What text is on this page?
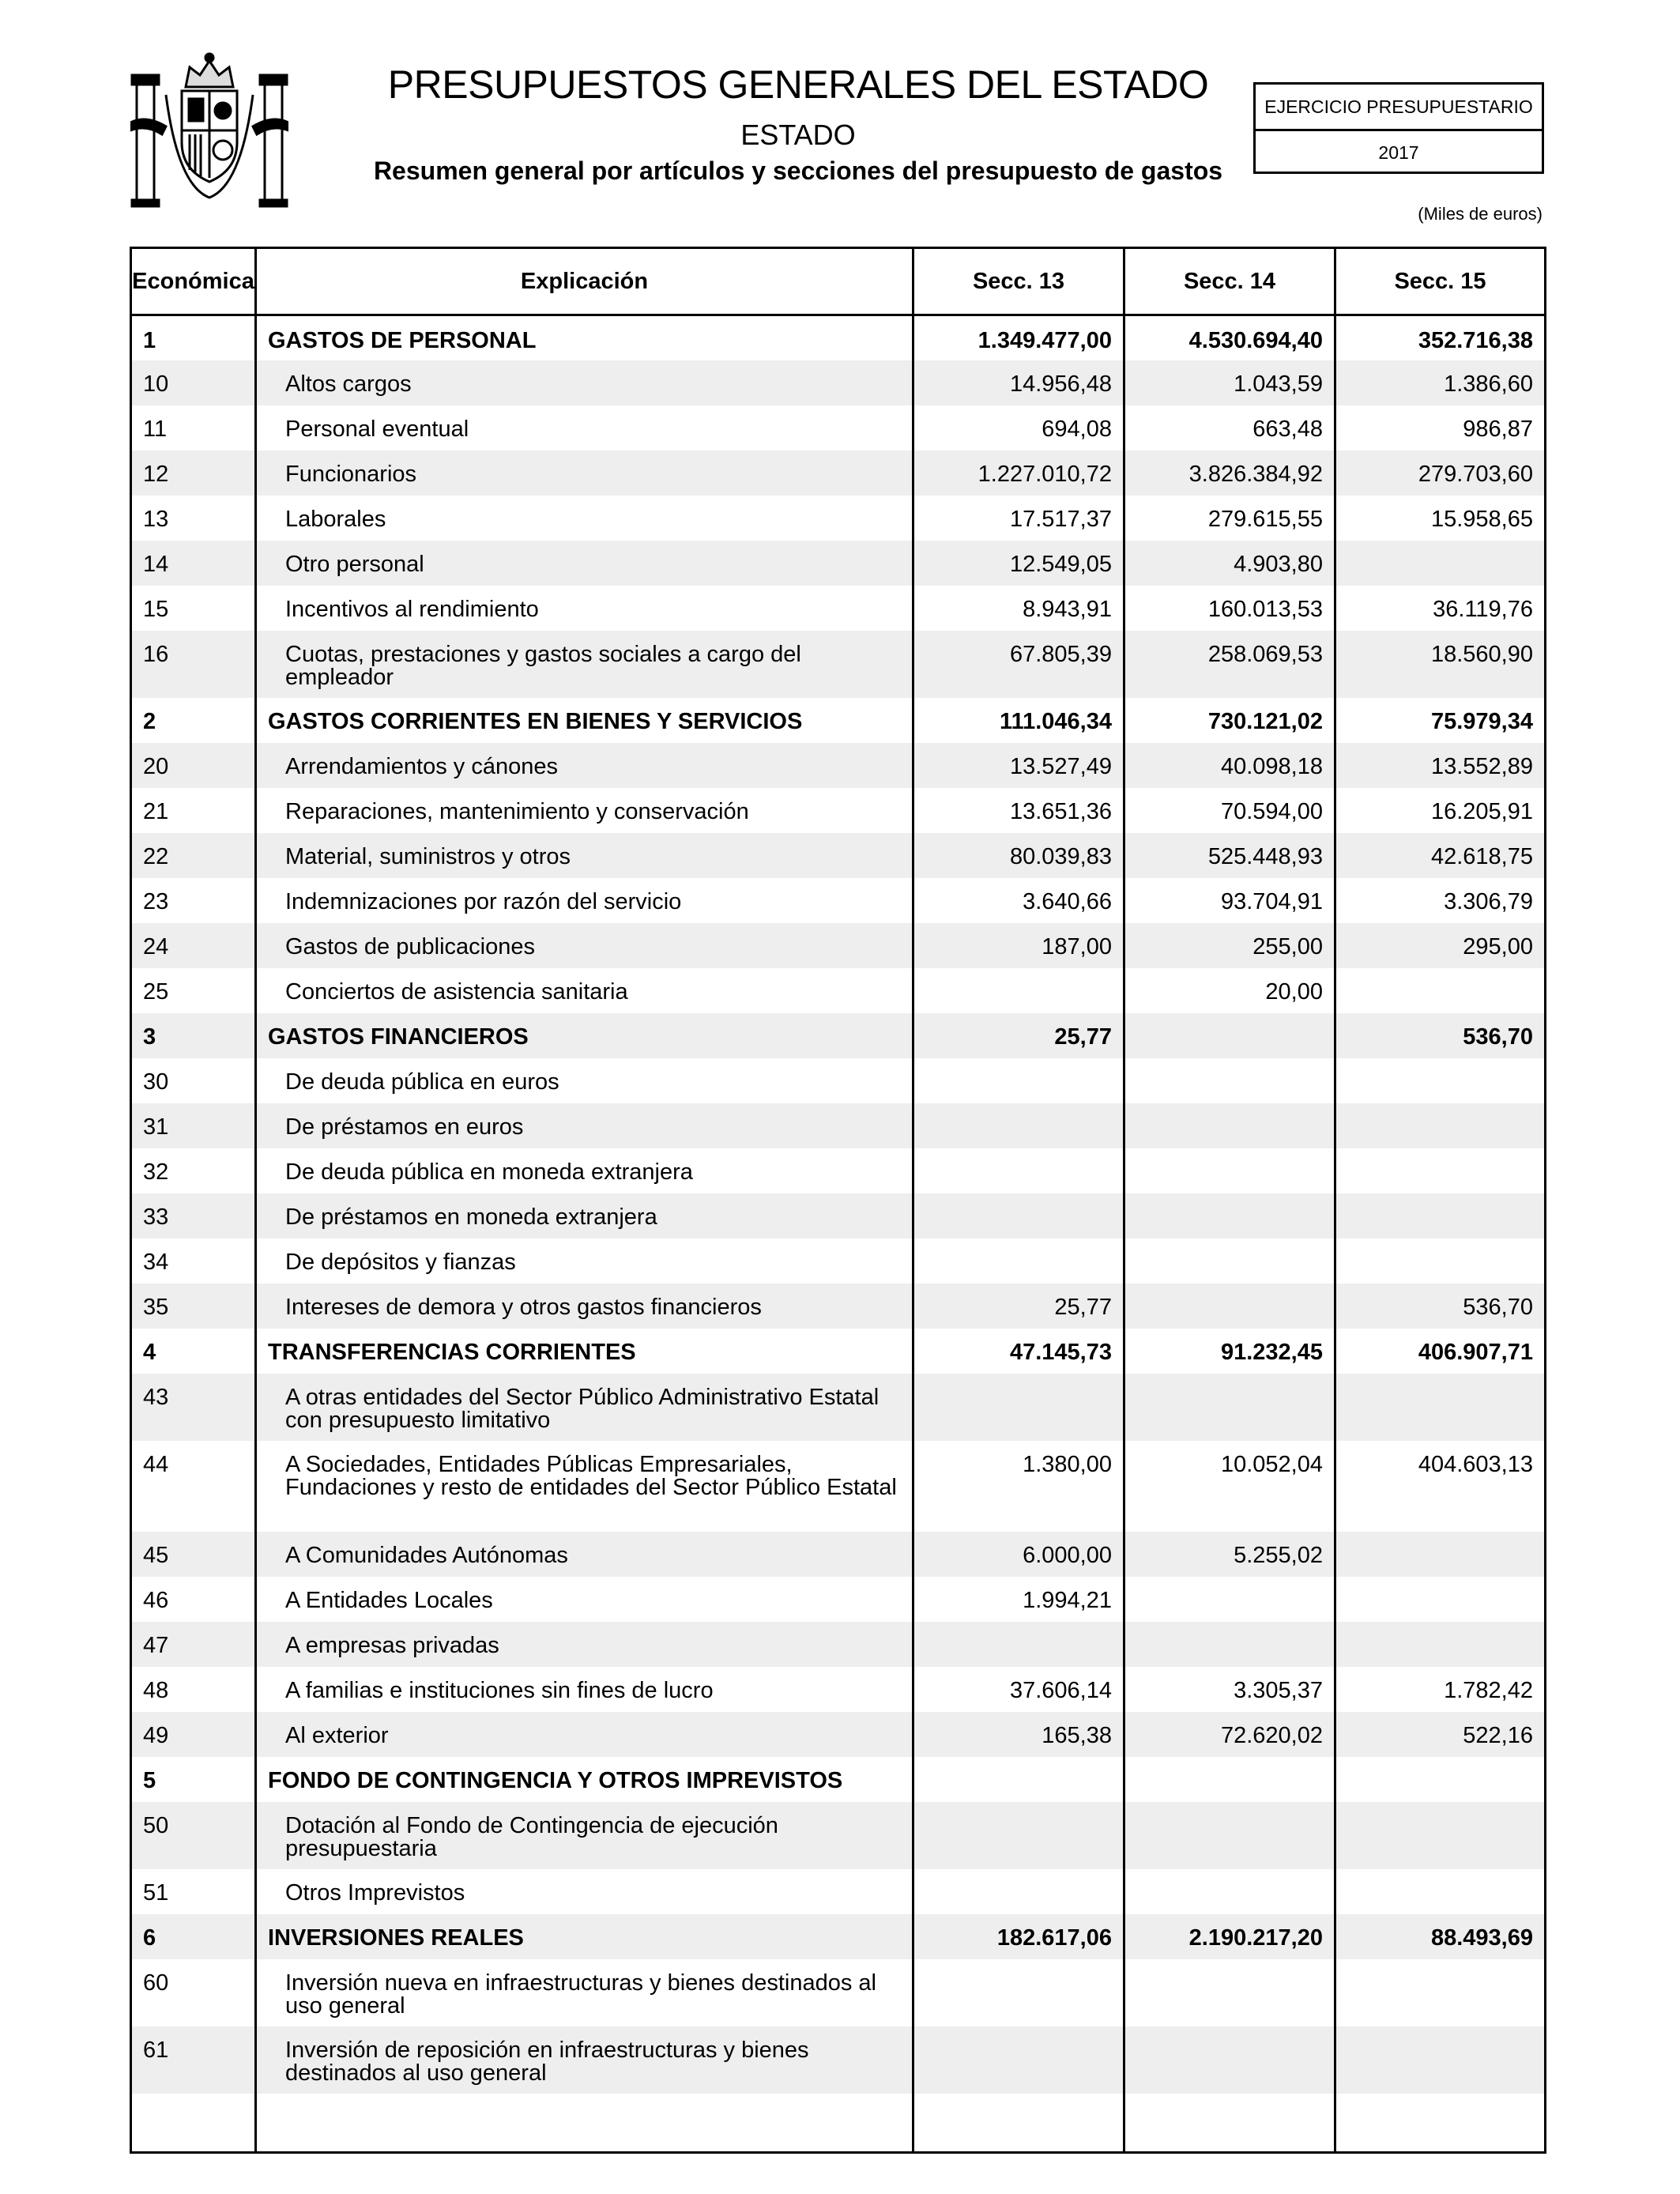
PRESUPUESTOS GENERALES DEL ESTADO
ESTADO
Resumen general por artículos y secciones del presupuesto de gastos
EJERCICIO PRESUPUESTARIO
2017
(Miles de euros)
Económica	Explicación	Secc. 13	Secc. 14	Secc. 15
1	GASTOS DE PERSONAL	1.349.477,00	4.530.694,40	352.716,38
10	Altos cargos	14.956,48	1.043,59	1.386,60
11	Personal eventual	694,08	663,48	986,87
12	Funcionarios	1.227.010,72	3.826.384,92	279.703,60
13	Laborales	17.517,37	279.615,55	15.958,65
14	Otro personal	12.549,05	4.903,80	
15	Incentivos al rendimiento	8.943,91	160.013,53	36.119,76
16	Cuotas, prestaciones y gastos sociales a cargo del empleador	67.805,39	258.069,53	18.560,90
2	GASTOS CORRIENTES EN BIENES Y SERVICIOS	111.046,34	730.121,02	75.979,34
20	Arrendamientos y cánones	13.527,49	40.098,18	13.552,89
21	Reparaciones, mantenimiento y conservación	13.651,36	70.594,00	16.205,91
22	Material, suministros y otros	80.039,83	525.448,93	42.618,75
23	Indemnizaciones por razón del servicio	3.640,66	93.704,91	3.306,79
24	Gastos de publicaciones	187,00	255,00	295,00
25	Conciertos de asistencia sanitaria		20,00	
3	GASTOS FINANCIEROS	25,77		536,70
30	De deuda pública en euros			
31	De préstamos en euros			
32	De deuda pública en moneda extranjera			
33	De préstamos en moneda extranjera			
34	De depósitos y fianzas			
35	Intereses de demora y otros gastos financieros	25,77		536,70
4	TRANSFERENCIAS CORRIENTES	47.145,73	91.232,45	406.907,71
43	A otras entidades del Sector Público Administrativo Estatal con presupuesto limitativo			
44	A Sociedades, Entidades Públicas Empresariales, Fundaciones y resto de entidades del Sector Público Estatal	1.380,00	10.052,04	404.603,13
45	A Comunidades Autónomas	6.000,00	5.255,02	
46	A Entidades Locales	1.994,21		
47	A empresas privadas			
48	A familias e instituciones sin fines de lucro	37.606,14	3.305,37	1.782,42
49	Al exterior	165,38	72.620,02	522,16
5	FONDO DE CONTINGENCIA Y OTROS IMPREVISTOS			
50	Dotación al Fondo de Contingencia de ejecución presupuestaria			
51	Otros Imprevistos			
6	INVERSIONES REALES	182.617,06	2.190.217,20	88.493,69
60	Inversión nueva en infraestructuras y bienes destinados al uso general			
61	Inversión de reposición en infraestructuras y bienes destinados al uso general			
